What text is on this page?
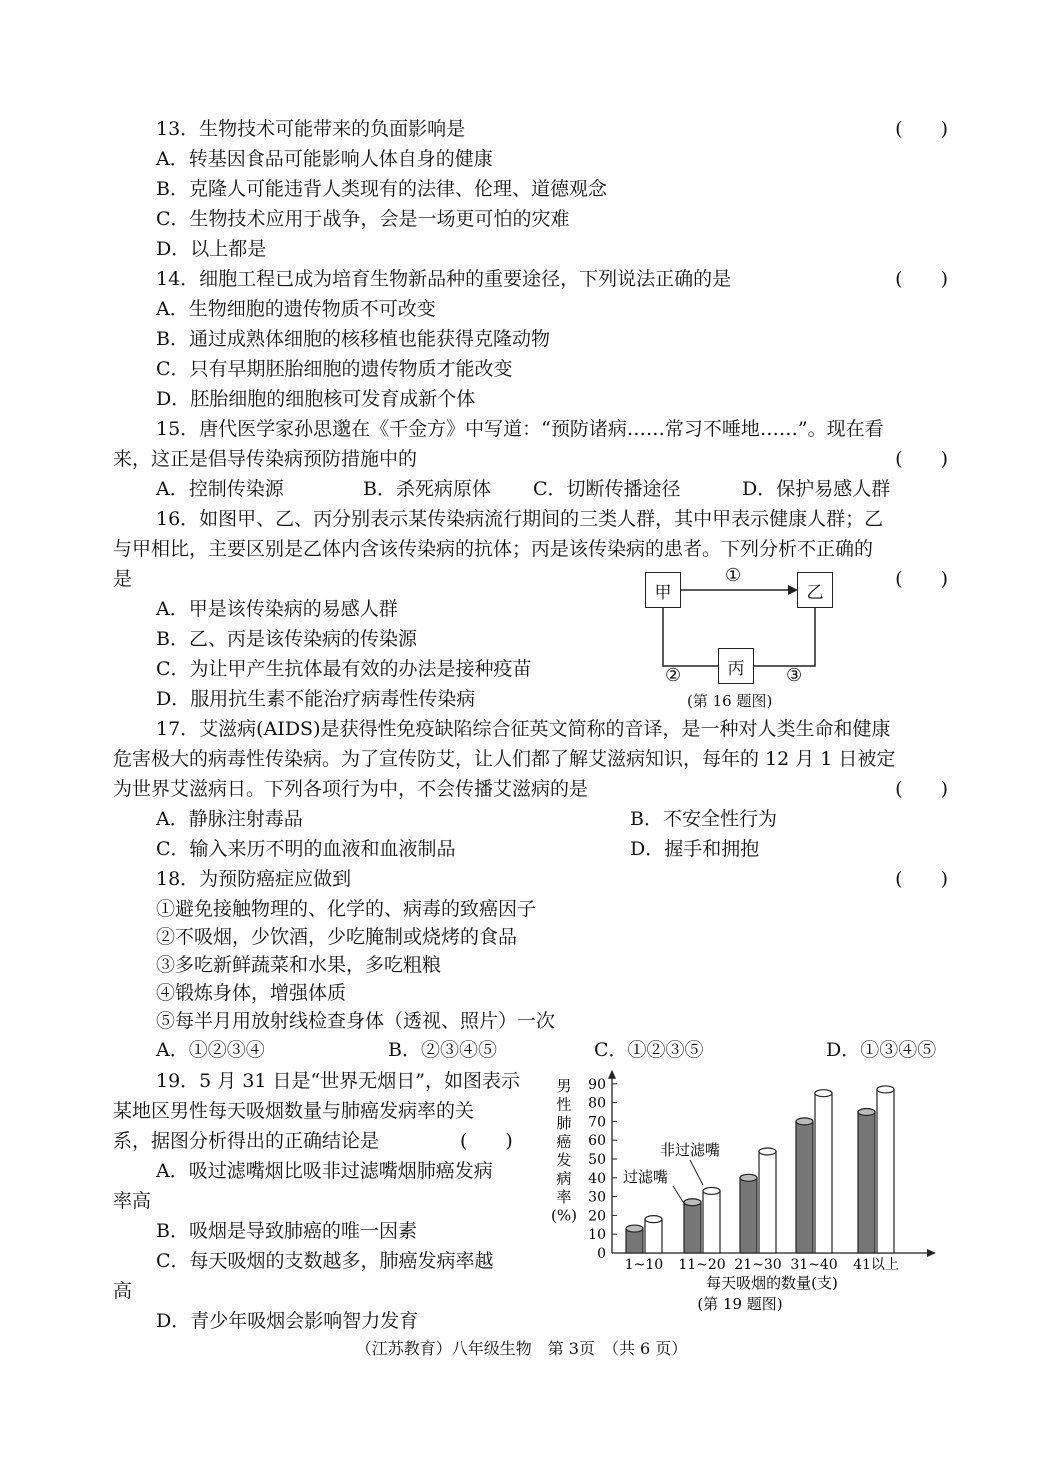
13．生物技术可能带来的负面影响是	(　　)
A．转基因食品可能影响人体自身的健康
B．克隆人可能违背人类现有的法律、伦理、道德观念
C．生物技术应用于战争，会是一场更可怕的灾难
D．以上都是
14．细胞工程已成为培育生物新品种的重要途径，下列说法正确的是	(　　)
A．生物细胞的遗传物质不可改变
B．通过成熟体细胞的核移植也能获得克隆动物
C．只有早期胚胎细胞的遗传物质才能改变
D．胚胎细胞的细胞核可发育成新个体
15．唐代医学家孙思邈在《千金方》中写道：“预防诸病……常习不唾地……”。现在看
来，这正是倡导传染病预防措施中的	(　　)
A．控制传染源	B．杀死病原体 C．切断传播途径	D．保护易感人群
16．如图甲、乙、丙分别表示某传染病流行期间的三类人群，其中甲表示健康人群；乙
与甲相比，主要区别是乙体内含该传染病的抗体；丙是该传染病的患者。下列分析不正确的
是	(　　)
A．甲是该传染病的易感人群
B．乙、丙是该传染病的传染源
C．为让甲产生抗体最有效的办法是接种疫苗
D．服用抗生素不能治疗病毒性传染病
甲	乙
丙
①
②	③
(第 16 题图)
17．艾滋病(AIDS)是获得性免疫缺陷综合征英文简称的音译，是一种对人类生命和健康
危害极大的病毒性传染病。为了宣传防艾，让人们都了解艾滋病知识，每年的 12 月 1 日被定
为世界艾滋病日。下列各项行为中，不会传播艾滋病的是	(　　)
A．静脉注射毒品	B．不安全性行为
C．输入来历不明的血液和血液制品	D．握手和拥抱
18．为预防癌症应做到	(　　)
①避免接触物理的、化学的、病毒的致癌因子
②不吸烟，少饮酒，少吃腌制或烧烤的食品
③多吃新鲜蔬菜和水果，多吃粗粮
④锻炼身体，增强体质
⑤每半月用放射线检查身体（透视、照片）一次
A．①②③④	B．②③④⑤	C．①②③⑤	D．①③④⑤
19．5 月 31 日是“世界无烟日”，如图表示
某地区男性每天吸烟数量与肺癌发病率的关
系，据图分析得出的正确结论是	(　　)
A．吸过滤嘴烟比吸非过滤嘴烟肺癌发病
率高
B．吸烟是导致肺癌的唯一因素
C．每天吸烟的支数越多，肺癌发病率越
高
D．青少年吸烟会影响智力发育
男
性
肺
癌
发
病
率
(%)
0
10
20
30
40
50
60
70
80
90
1~10 11~20 21~30 31~40 41以上
非过滤嘴
过滤嘴
每天吸烟的数量(支)
(第 19 题图)
（江苏教育）八年级生物　第 3页　（共 6 页）
